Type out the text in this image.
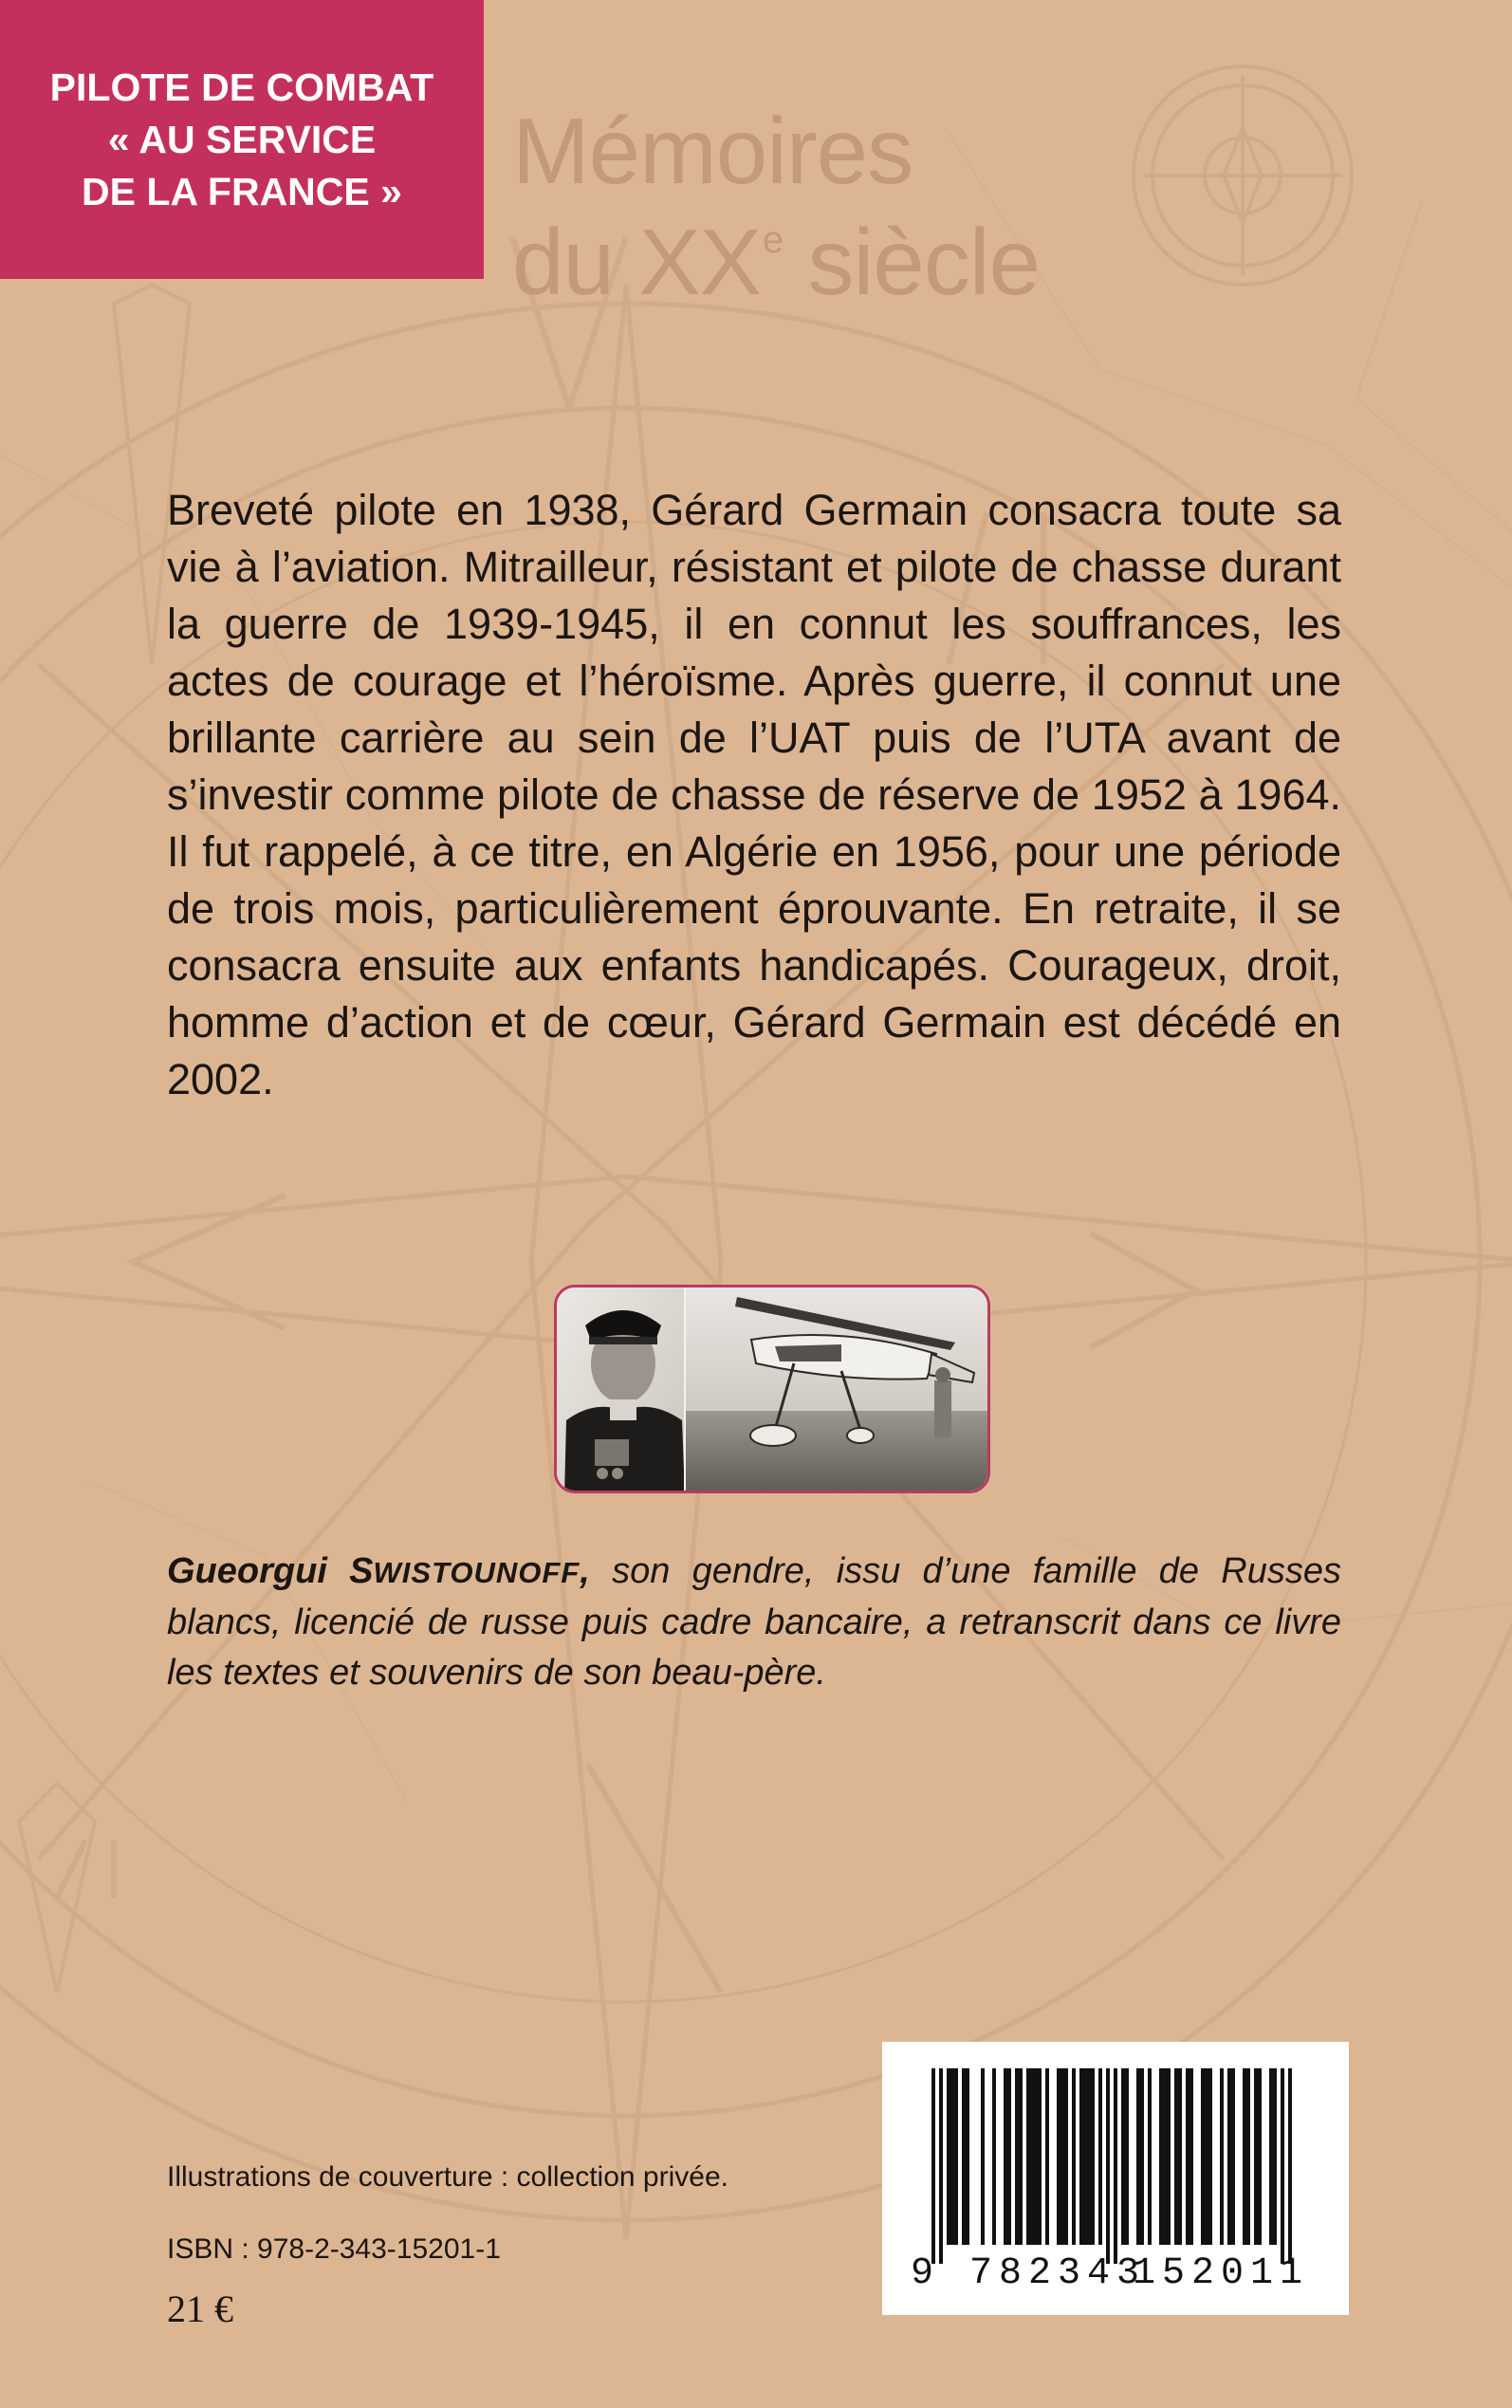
PILOTE DE COMBAT
« AU SERVICE
DE LA FRANCE » Mémoires
du XXe siècle
Breveté pilote en 1938, Gérard Germain consacra toute sa vie à l’aviation. Mitrailleur, résistant et pilote de chasse durant la guerre de 1939-1945, il en connut les souffrances, les actes de courage et l’héroïsme. Après guerre, il connut une brillante carrière au sein de l’UAT puis de l’UTA avant de s’investir comme pilote de chasse de réserve de 1952 à 1964. Il fut rappelé, à ce titre, en Algérie en 1956, pour une période de trois mois, particulièrement éprouvante. En retraite, il se consacra ensuite aux enfants handicapés. Courageux, droit, homme d’action et de cœur, Gérard Germain est décédé en 2002.
Gueorgui SWISTOUNOFF, son gendre, issu d’une famille de Russes blancs, licencié de russe puis cadre bancaire, a retranscrit dans ce livre les textes et souvenirs de son beau-père.
Illustrations de couverture : collection privée.
ISBN : 978-2-343-15201-1
21 €
9 782343
152011
